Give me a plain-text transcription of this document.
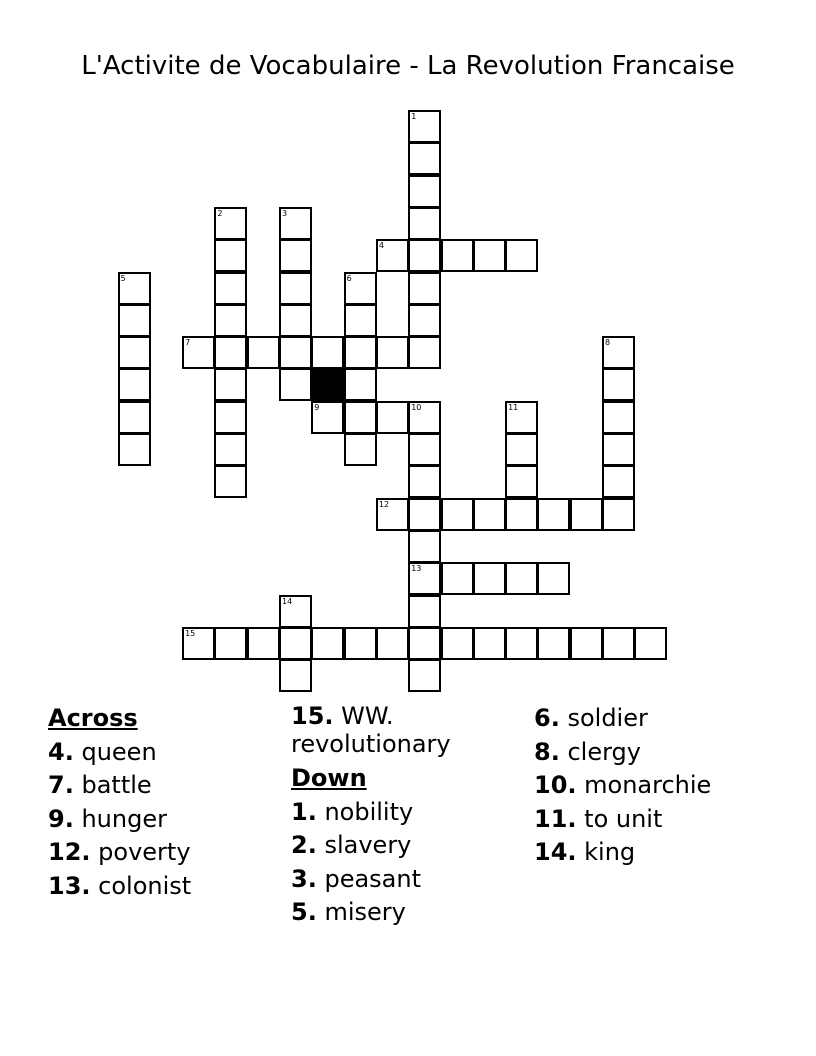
L'Activite de Vocabulaire - La Revolution Francaise
1
2	3
4
5	6
7	8
9	10	11
12
13
14
15
Across
4. queen
7. battle
9. hunger
12. poverty
13. colonist
15. WW. revolutionary
Down
1. nobility
2. slavery
3. peasant
5. misery
6. soldier
8. clergy
10. monarchie
11. to unit
14. king
